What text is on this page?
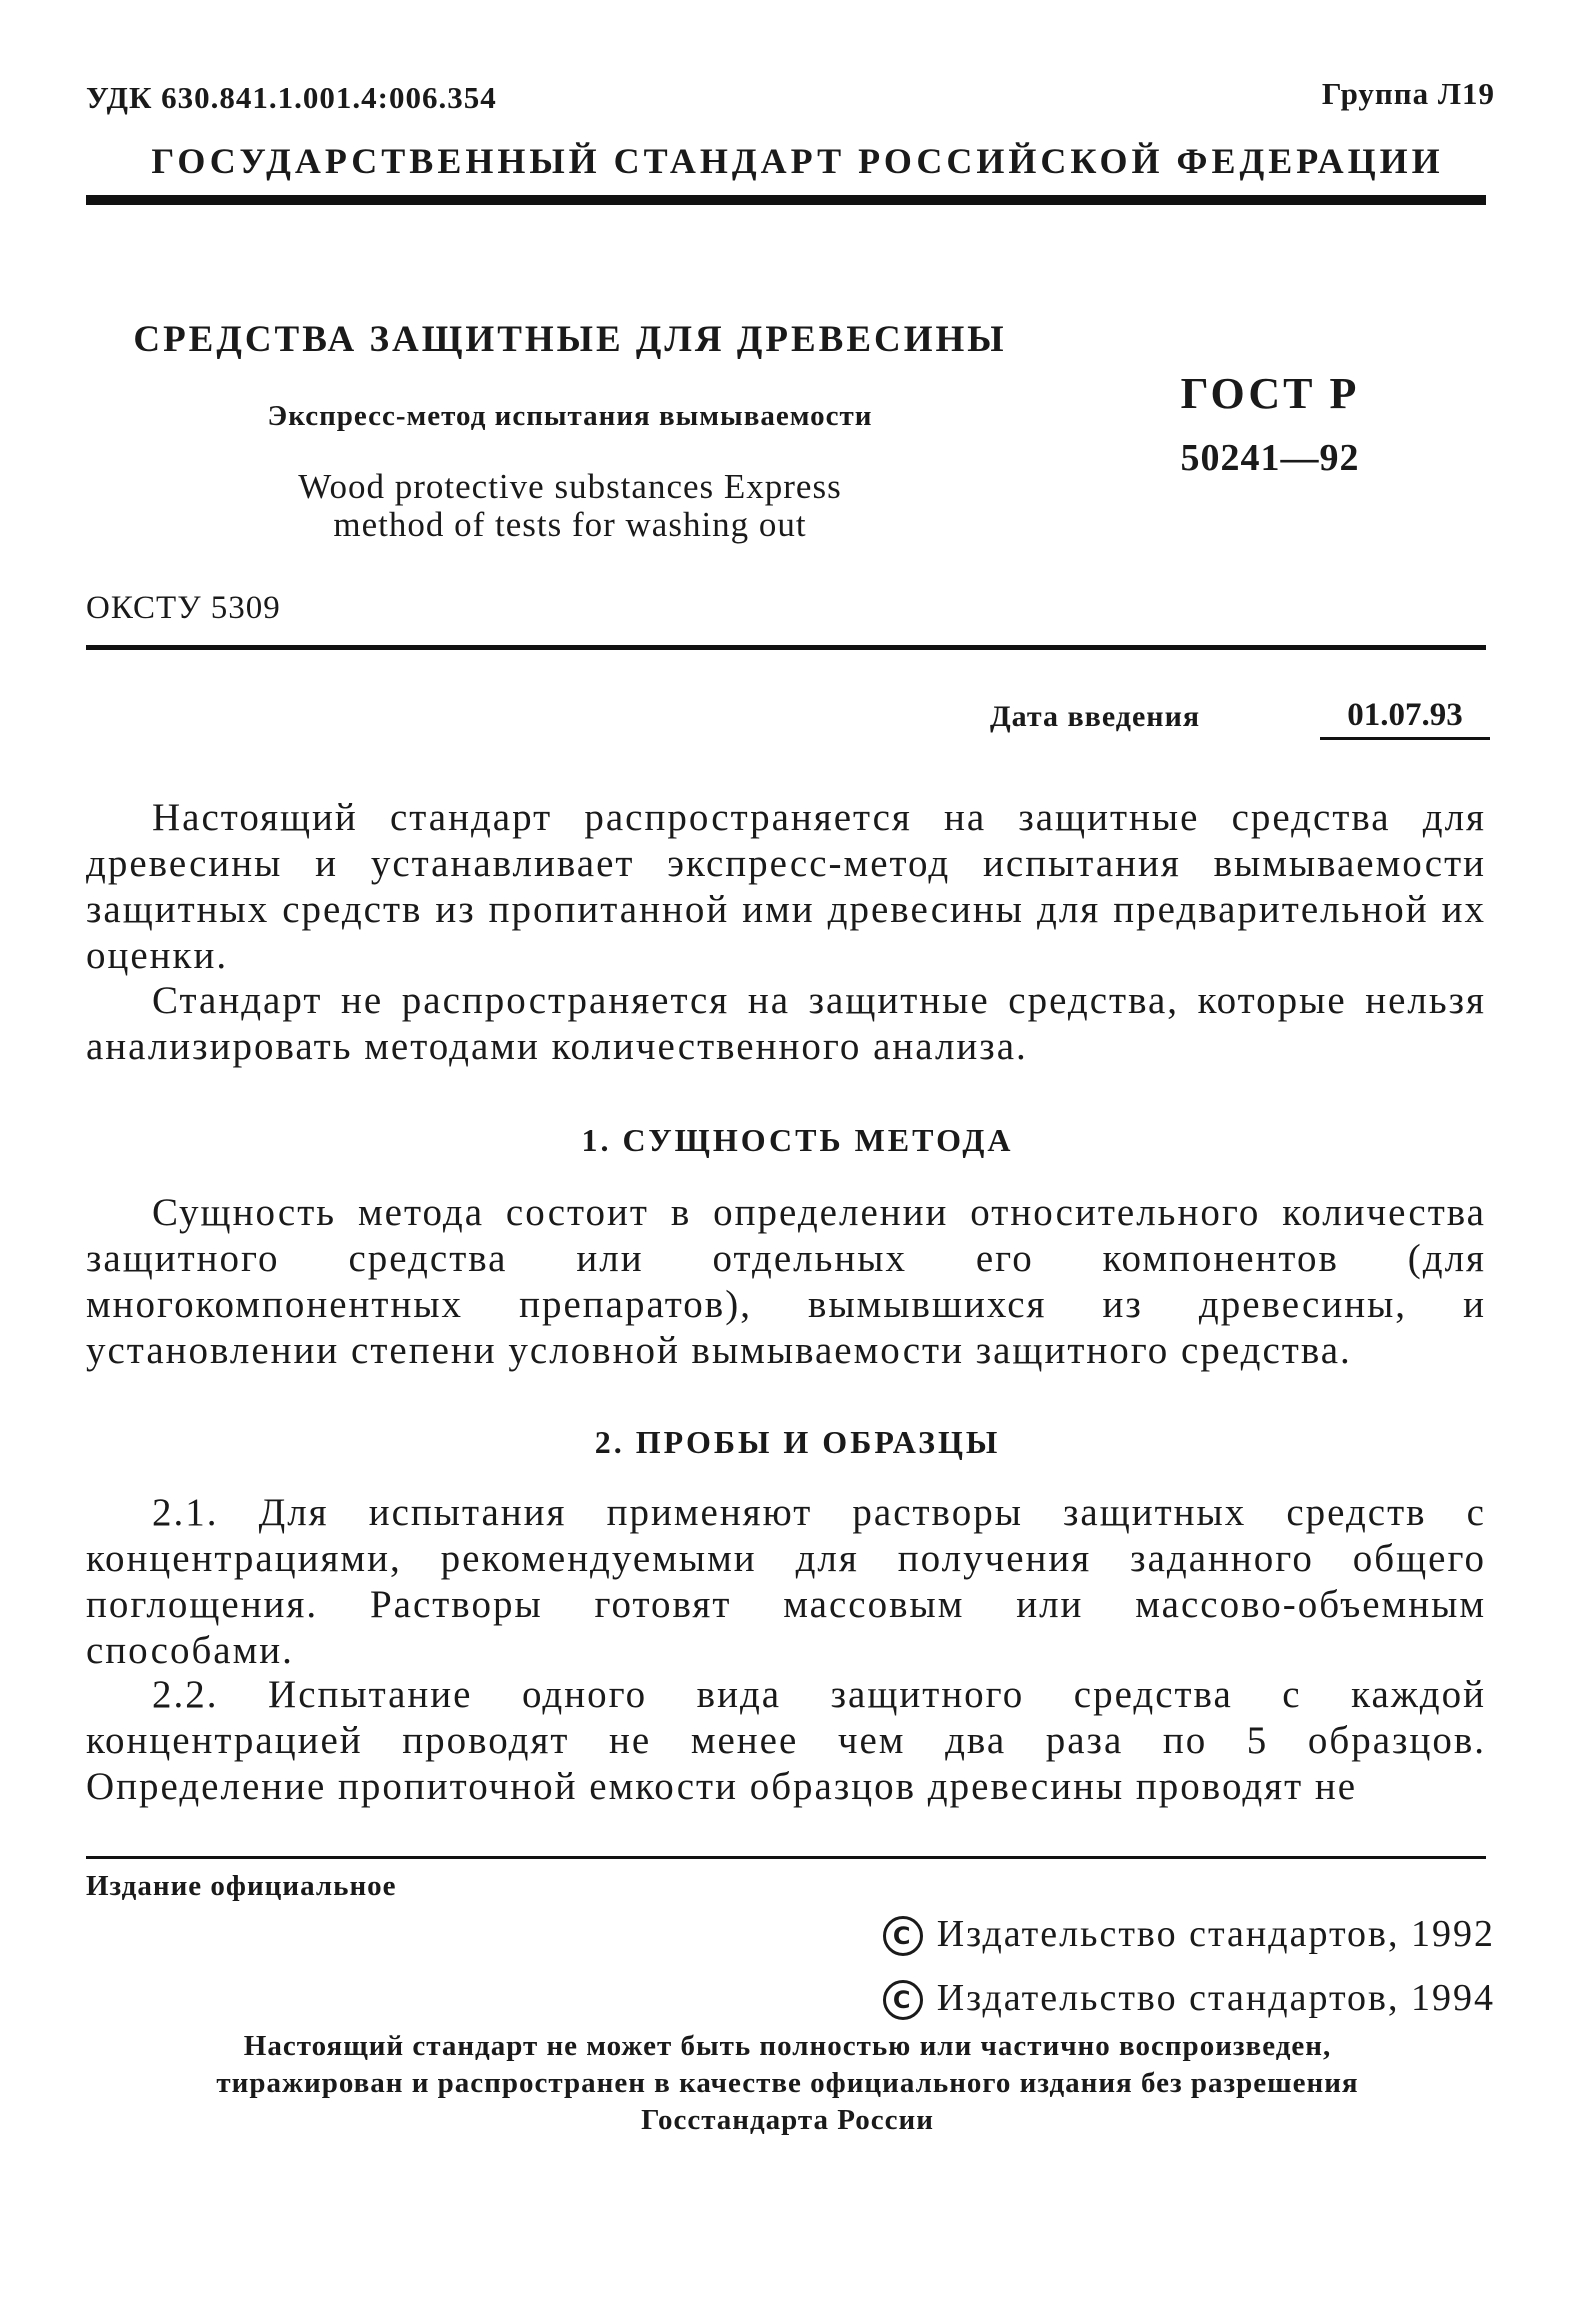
УДК 630.841.1.001.4:006.354	Группа Л19
ГОСУДАРСТВЕННЫЙ СТАНДАРТ РОССИЙСКОЙ ФЕДЕРАЦИИ
СРЕДСТВА ЗАЩИТНЫЕ ДЛЯ ДРЕВЕСИНЫ
Экспресс-метод испытания вымываемости
Wood protective substances Express
method of tests for washing out
ГОСТ Р
50241—92
ОКСТУ 5309
Дата введения	01.07.93

Настоящий стандарт распространяется на защитные средства для древесины и устанавливает экспресс-метод испытания вымываемости защитных средств из пропитанной ими древесины для предварительной их оценки.

Стандарт не распространяется на защитные средства, которые нельзя анализировать методами количественного анализа.

1. СУЩНОСТЬ МЕТОДА

Сущность метода состоит в определении относительного количества защитного средства или отдельных его компонентов (для многокомпонентных препаратов), вымывшихся из древесины, и установлении степени условной вымываемости защитного средства.

2. ПРОБЫ И ОБРАЗЦЫ

2.1. Для испытания применяют растворы защитных средств с концентрациями, рекомендуемыми для получения заданного общего поглощения. Растворы готовят массовым или массово-объемным способами.

2.2. Испытание одного вида защитного средства с каждой концентрацией проводят не менее чем два раза по 5 образцов. Определение пропиточной емкости образцов древесины проводят не

Издание официальное
C Издательство стандартов, 1992
C Издательство стандартов, 1994
Настоящий стандарт не может быть полностью или частично воспроизведен,
тиражирован и распространен в качестве официального издания без разрешения
Госстандарта России
